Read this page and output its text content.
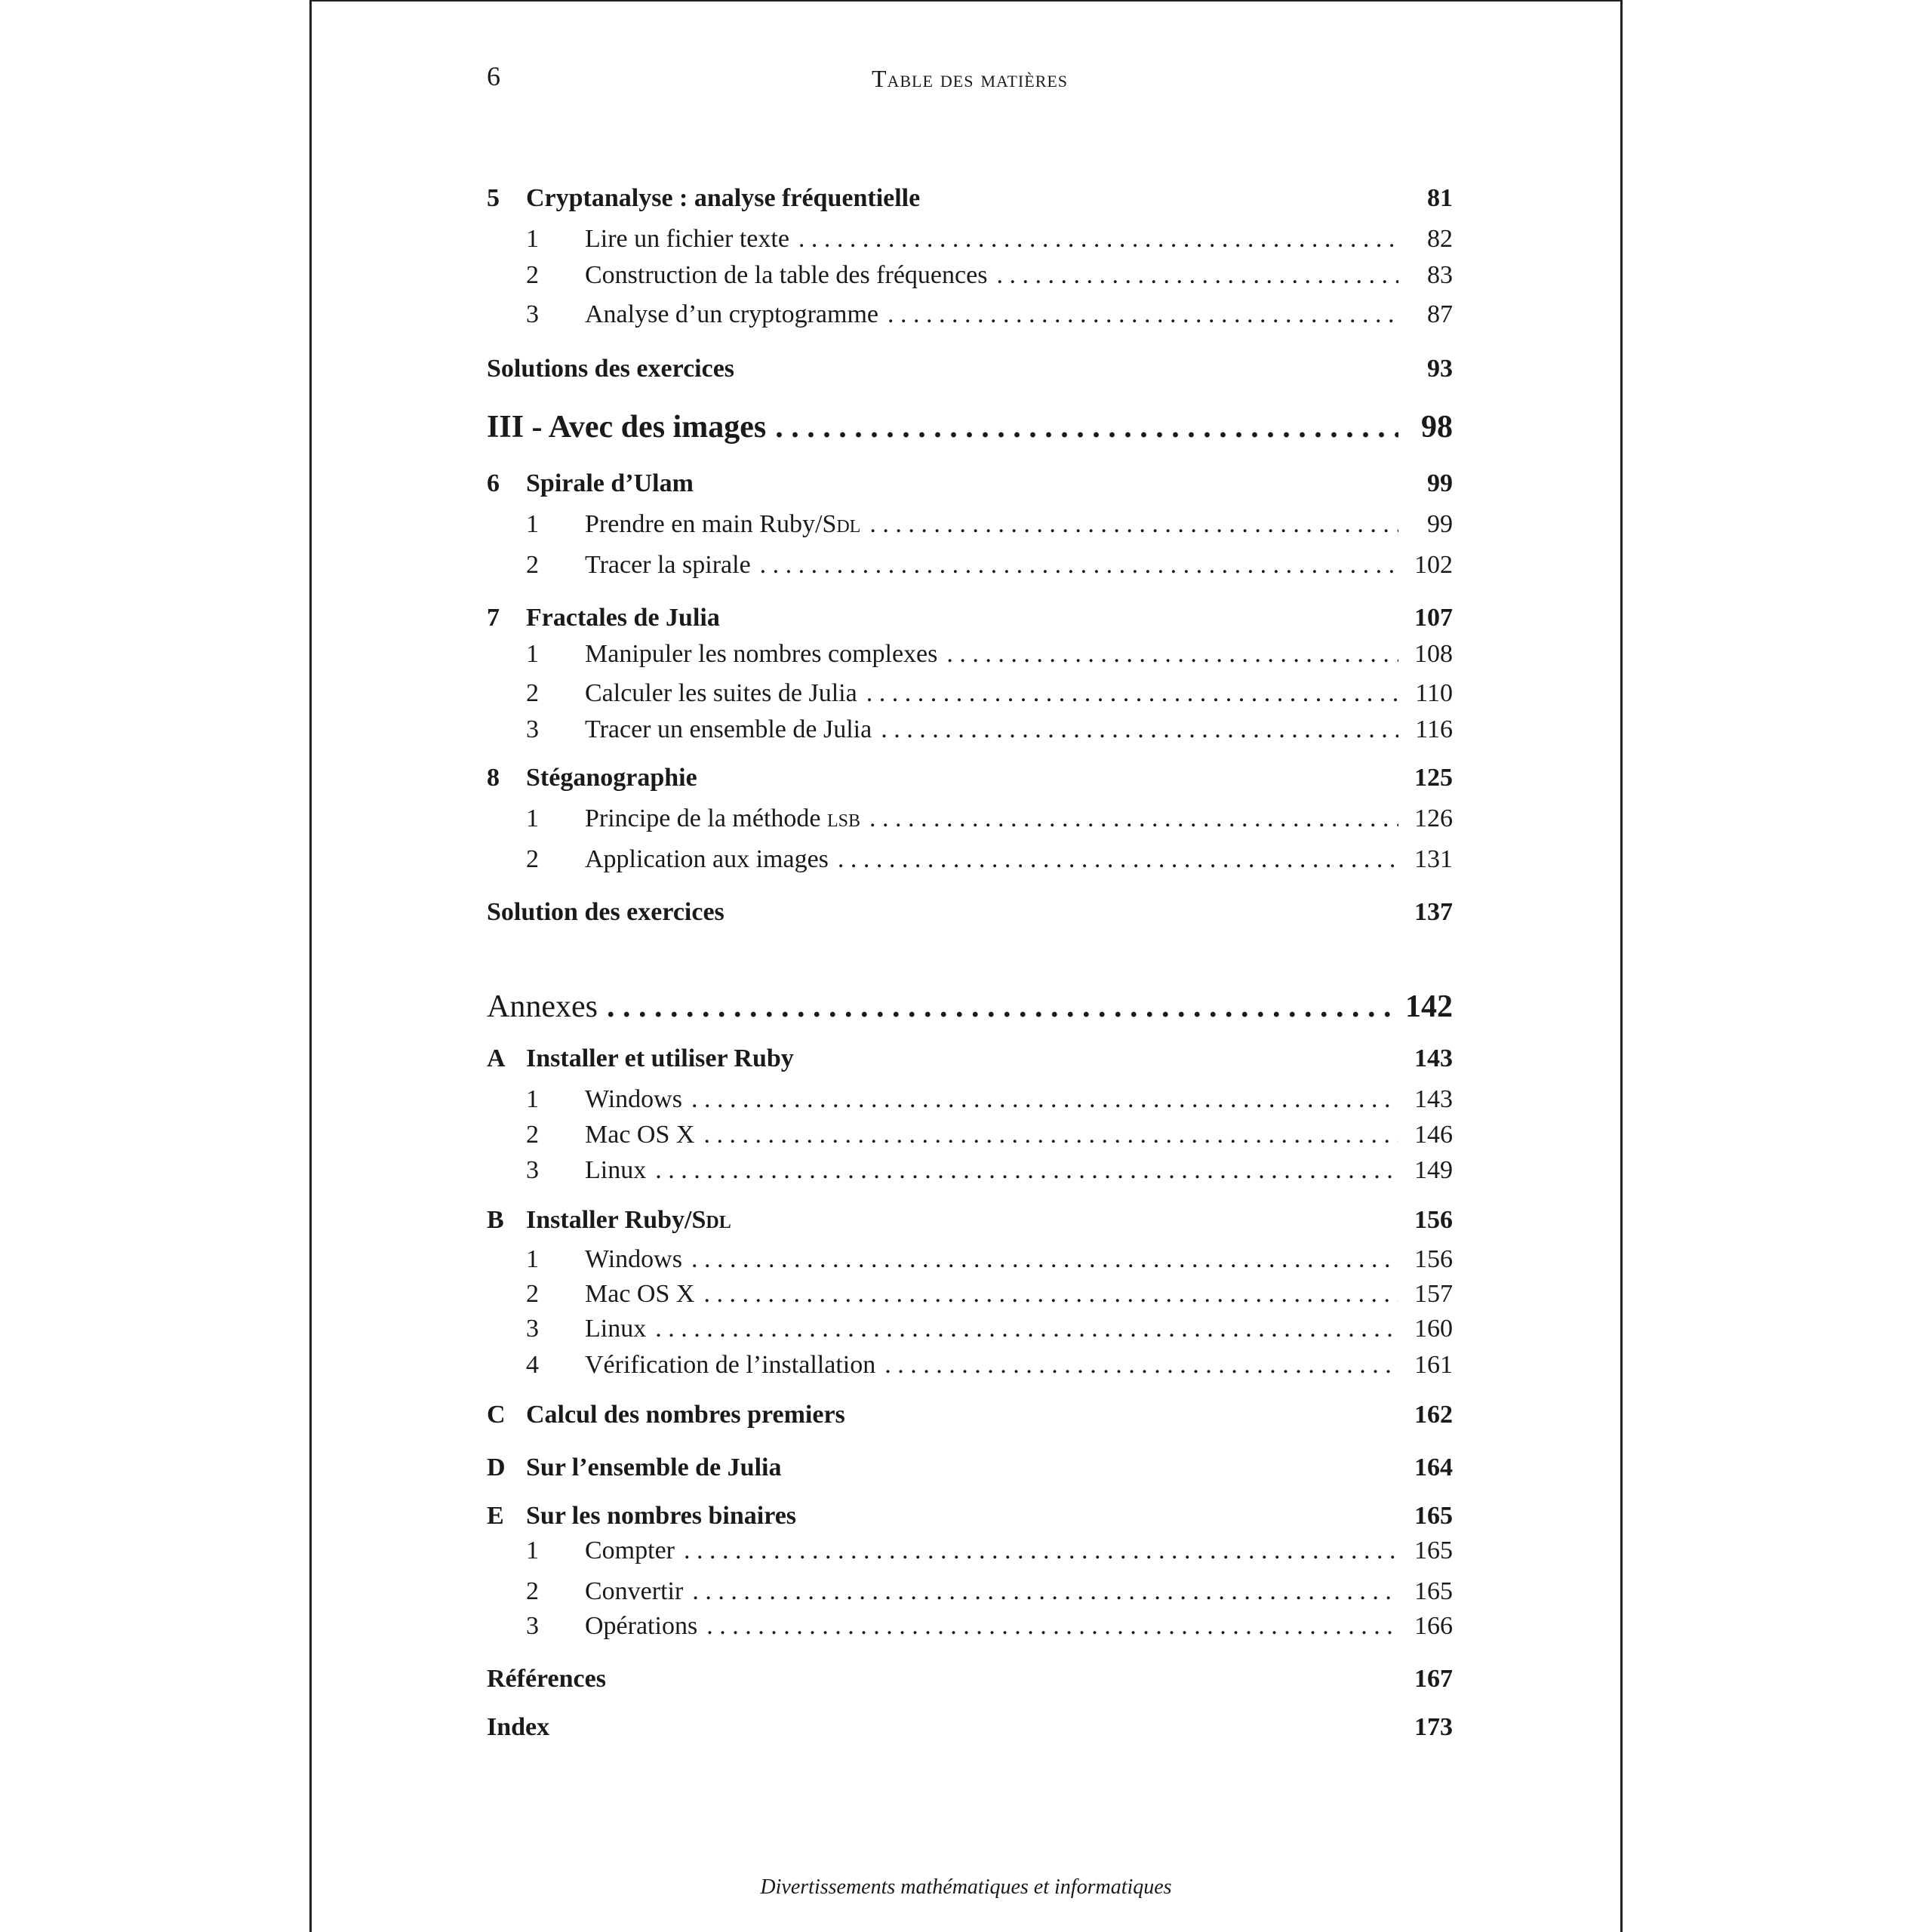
6	Table des matières
5	Cryptanalyse : analyse fréquentielle	81
1	Lire un fichier texte . . .	82
2	Construction de la table des fréquences . . .	83
3	Analyse d’un cryptogramme . . .	87
Solutions des exercices	93
III - Avec des images . . .	98
6	Spirale d’Ulam	99
1	Prendre en main Ruby/Sdl . . .	99
2	Tracer la spirale . . .	102
7	Fractales de Julia	107
1	Manipuler les nombres complexes . . .	108
2	Calculer les suites de Julia . . .	110
3	Tracer un ensemble de Julia . . .	116
8	Stéganographie	125
1	Principe de la méthode lsb . . .	126
2	Application aux images . . .	131
Solution des exercices	137
Annexes . . .	142
A Installer et utiliser Ruby	143
1	Windows . . .	143
2	Mac OS X . . .	146
3	Linux . . .	149
B Installer Ruby/Sdl	156
1	Windows . . .	156
2	Mac OS X . . .	157
3	Linux . . .	160
4	Vérification de l’installation . . .	161
C Calcul des nombres premiers	162
D Sur l’ensemble de Julia	164
E Sur les nombres binaires	165
1	Compter . . .	165
2	Convertir . . .	165
3	Opérations . . .	166
Références	167
Index	173
Divertissements mathématiques et informatiques
